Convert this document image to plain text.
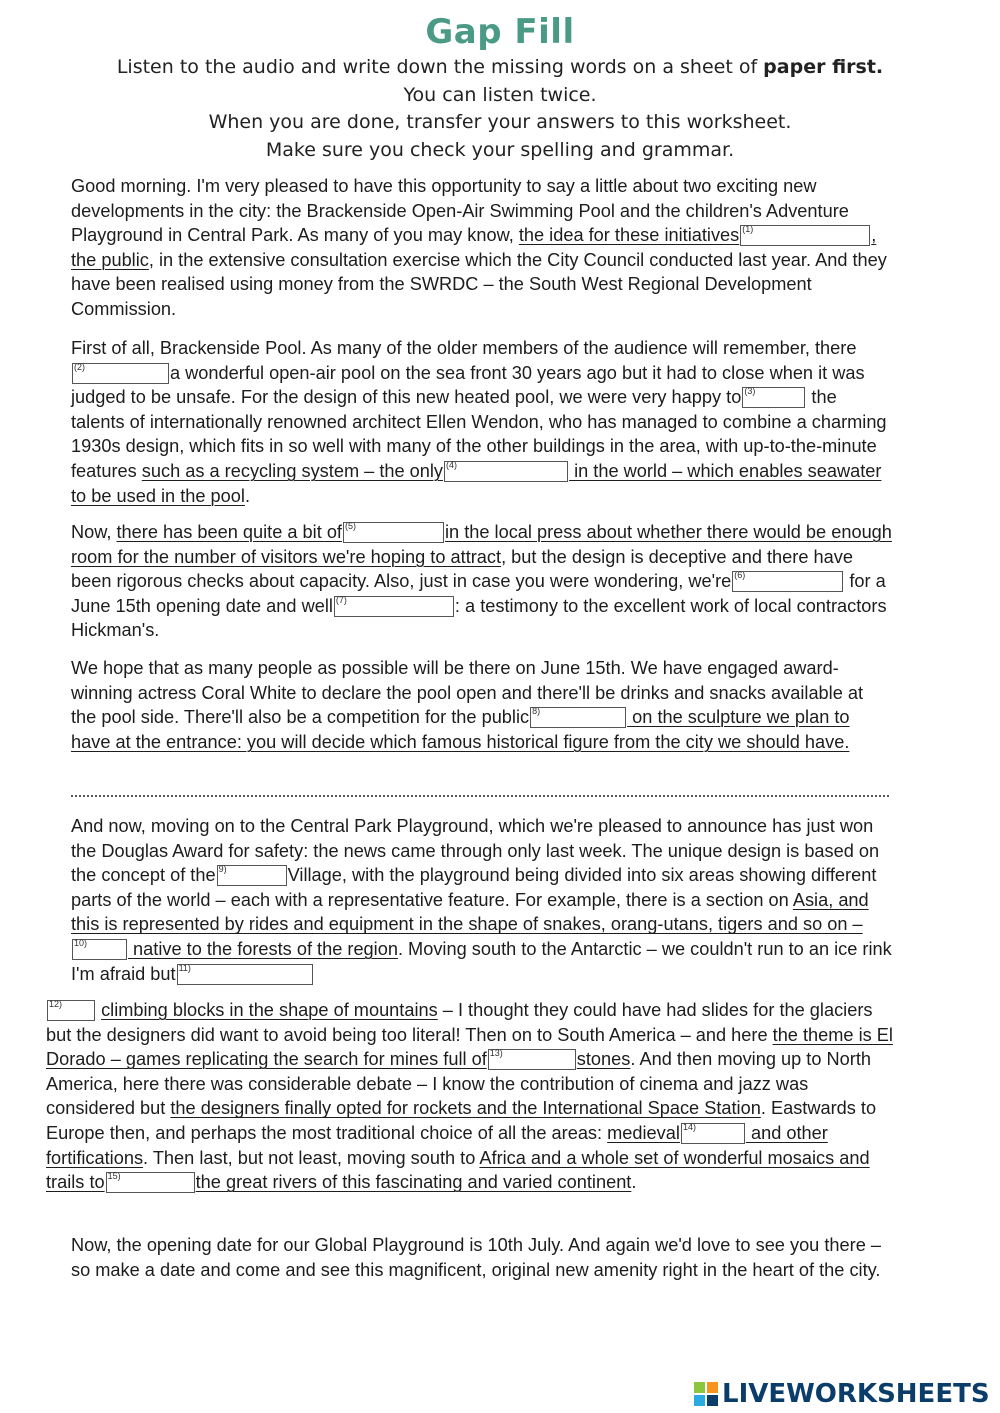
Gap Fill
Listen to the audio and write down the missing words on a sheet of paper first.
You can listen twice.
When you are done, transfer your answers to this worksheet.
Make sure you check your spelling and grammar.

Good morning. I'm very pleased to have this opportunity to say a little about two exciting new developments in the city: the Brackenside Open-Air Swimming Pool and the children's Adventure Playground in Central Park. As many of you may know, the idea for these initiatives (1)	, the public, in the extensive consultation exercise which the City Council conducted last year. And they have been realised using money from the SWRDC – the South West Regional Development Commission.

First of all, Brackenside Pool. As many of the older members of the audience will remember, there
(2)	a wonderful open-air pool on the sea front 30 years ago but it had to close when it was judged to be unsafe. For the design of this new heated pool, we were very happy to (3)	the talents of internationally renowned architect Ellen Wendon, who has managed to combine a charming 1930s design, which fits in so well with many of the other buildings in the area, with up-to-the-minute features such as a recycling system – the only (4)	in the world – which enables seawater to be used in the pool.

Now, there has been quite a bit of (5)	in the local press about whether there would be enough room for the number of visitors we're hoping to attract, but the design is deceptive and there have been rigorous checks about capacity. Also, just in case you were wondering, we're (6)	for a June 15th opening date and well (7)	: a testimony to the excellent work of local contractors Hickman's.

We hope that as many people as possible will be there on June 15th. We have engaged award-winning actress Coral White to declare the pool open and there'll be drinks and snacks available at the pool side. There'll also be a competition for the public 8)	on the sculpture we plan to have at the entrance: you will decide which famous historical figure from the city we should have.

And now, moving on to the Central Park Playground, which we're pleased to announce has just won the Douglas Award for safety: the news came through only last week. The unique design is based on the concept of the 9)	Village, with the playground being divided into six areas showing different parts of the world – each with a representative feature. For example, there is a section on Asia, and this is represented by rides and equipment in the shape of snakes, orang-utans, tigers and so on –
10) native to the forests of the region. Moving south to the Antarctic – we couldn't run to an ice rink I'm afraid but 11)

12) climbing blocks in the shape of mountains – I thought they could have had slides for the glaciers but the designers did want to avoid being too literal! Then on to South America – and here the theme is El Dorado – games replicating the search for mines full of 13)	stones. And then moving up to North America, here there was considerable debate – I know the contribution of cinema and jazz was considered but the designers finally opted for rockets and the International Space Station. Eastwards to Europe then, and perhaps the most traditional choice of all the areas: medieval 14)	and other fortifications. Then last, but not least, moving south to Africa and a whole set of wonderful mosaics and trails to 15)	the great rivers of this fascinating and varied continent.

Now, the opening date for our Global Playground is 10th July. And again we'd love to see you there – so make a date and come and see this magnificent, original new amenity right in the heart of the city.

LIVEWORKSHEETS
